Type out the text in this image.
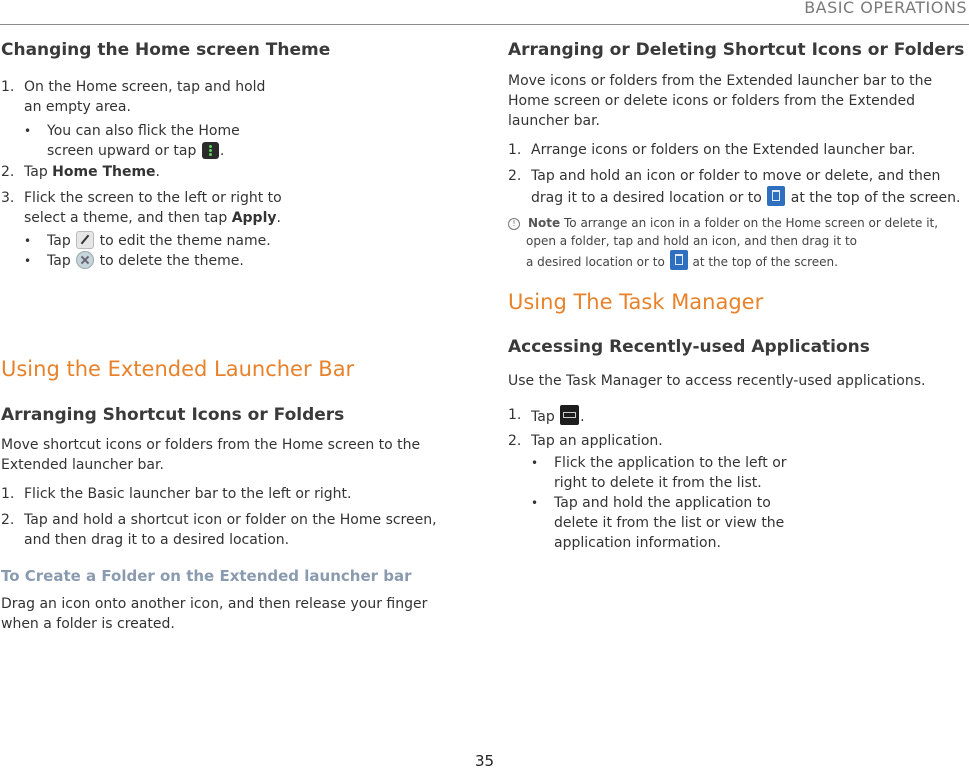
BASIC OPERATIONS
Changing the Home screen Theme
1. On the Home screen, tap and hold
an empty area.
• You can also flick the Home
screen upward or tap .
2. Tap Home Theme.
3. Flick the screen to the left or right to
select a theme, and then tap Apply.
• Tap to edit the theme name.
• Tap to delete the theme.
Using the Extended Launcher Bar
Arranging Shortcut Icons or Folders
Move shortcut icons or folders from the Home screen to the
Extended launcher bar.
1. Flick the Basic launcher bar to the left or right.
2. Tap and hold a shortcut icon or folder on the Home screen,
and then drag it to a desired location.
To Create a Folder on the Extended launcher bar
Drag an icon onto another icon, and then release your finger
when a folder is created.
Arranging or Deleting Shortcut Icons or Folders
Move icons or folders from the Extended launcher bar to the
Home screen or delete icons or folders from the Extended
launcher bar.
1. Arrange icons or folders on the Extended launcher bar.
2. Tap and hold an icon or folder to move or delete, and then
drag it to a desired location or to at the top of the screen.
! Note To arrange an icon in a folder on the Home screen or delete it,
open a folder, tap and hold an icon, and then drag it to
a desired location or to at the top of the screen.
Using The Task Manager
Accessing Recently-used Applications
Use the Task Manager to access recently-used applications.
1. Tap .
2. Tap an application.
• Flick the application to the left or
right to delete it from the list.
• Tap and hold the application to
delete it from the list or view the
application information.
35
